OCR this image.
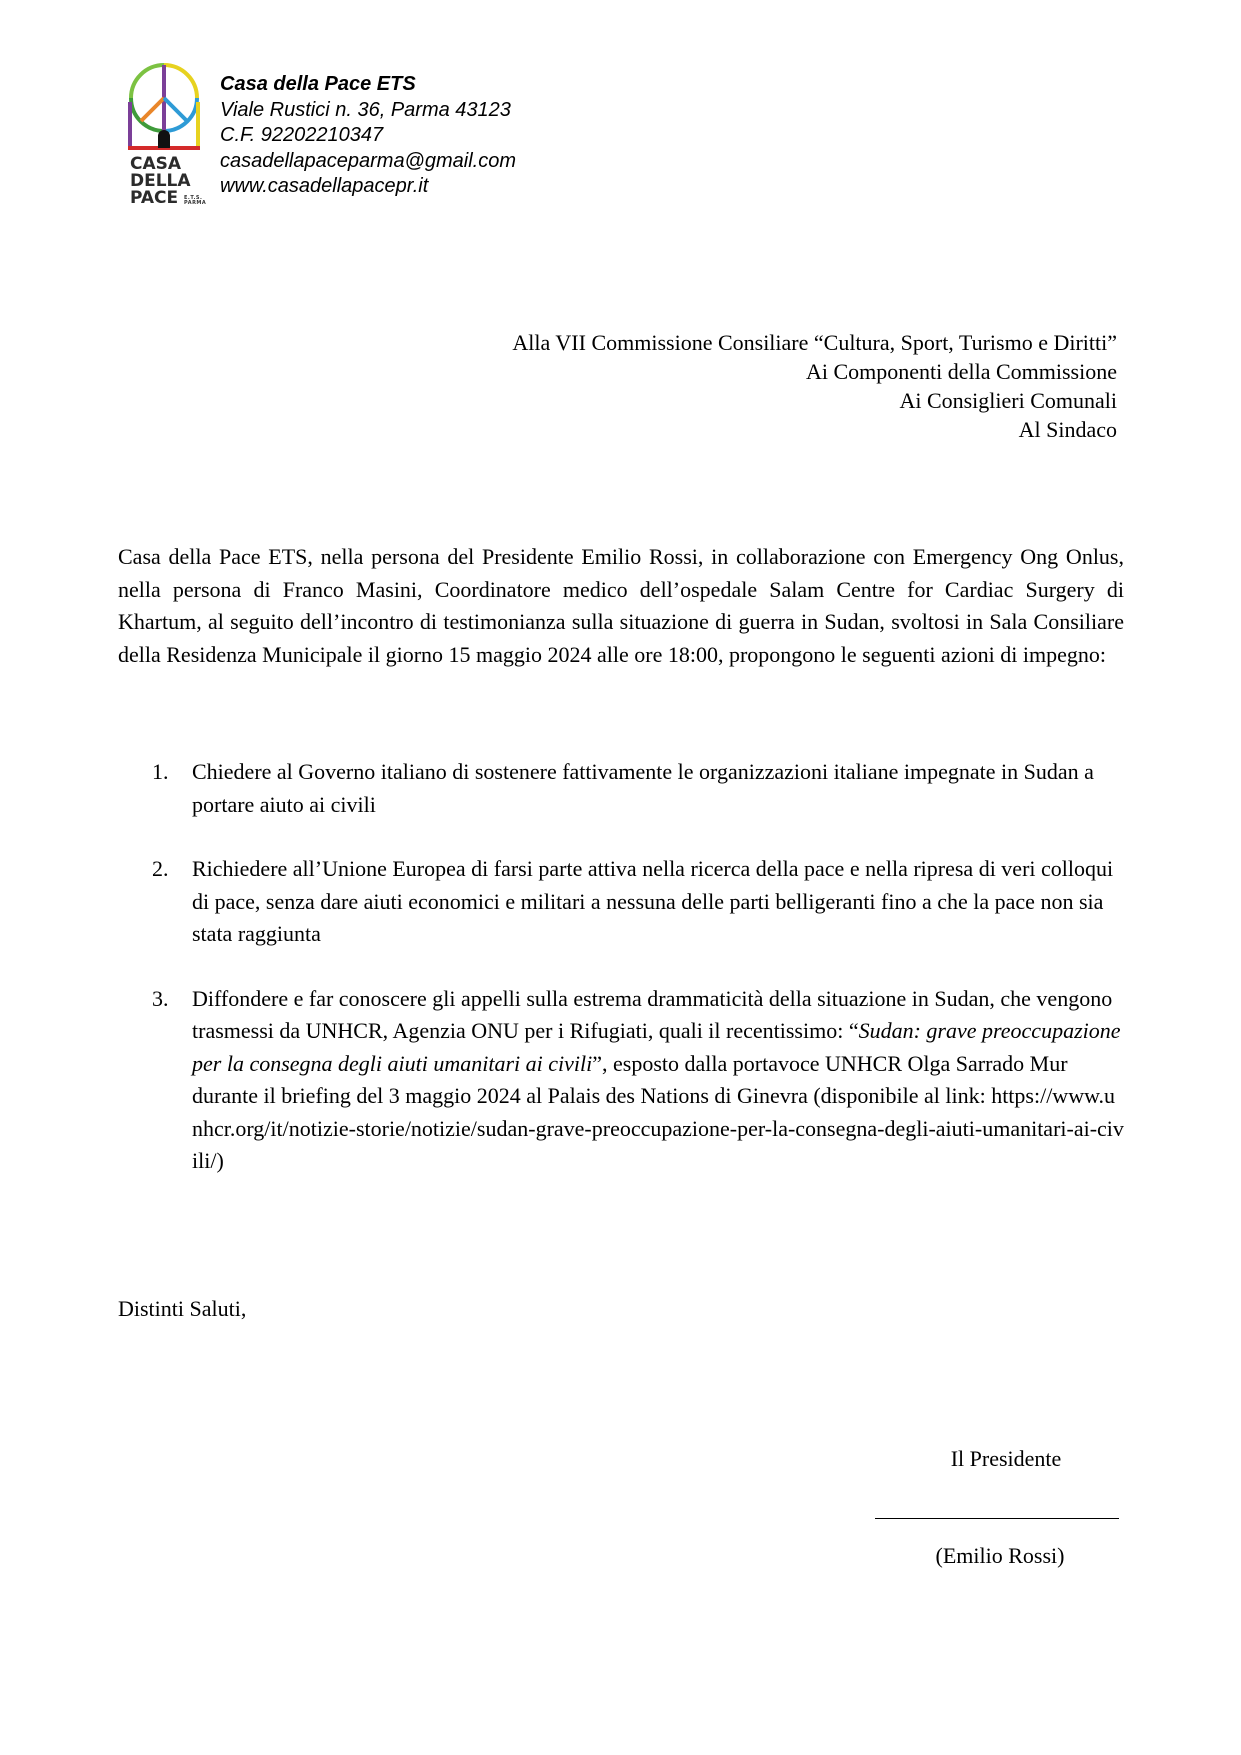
CASA
DELLA
PACE	E.T.S. PARMA
Casa della Pace ETS
Viale Rustici n. 36, Parma 43123
C.F. 92202210347
casadellapaceparma@gmail.com
www.casadellapacepr.it
Alla VII Commissione Consiliare “Cultura, Sport, Turismo e Diritti”
Ai Componenti della Commissione
Ai Consiglieri Comunali
Al Sindaco

Casa della Pace ETS, nella persona del Presidente Emilio Rossi, in collaborazione con Emergency Ong Onlus, nella persona di Franco Masini, Coordinatore medico dell’ospedale Salam Centre for Cardiac Surgery di Khartum, al seguito dell’incontro di testimonianza sulla situazione di guerra in Sudan, svoltosi in Sala Consiliare della Residenza Municipale il giorno 15 maggio 2024 alle ore 18:00, propongono le seguenti azioni di impegno:

1. Chiedere al Governo italiano di sostenere fattivamente le organizzazioni italiane impegnate in Sudan a portare aiuto ai civili
2. Richiedere all’Unione Europea di farsi parte attiva nella ricerca della pace e nella ripresa di veri colloqui di pace, senza dare aiuti economici e militari a nessuna delle parti belligeranti fino a che la pace non sia stata raggiunta
3. Diffondere e far conoscere gli appelli sulla estrema drammaticità della situazione in Sudan, che vengono trasmessi da UNHCR, Agenzia ONU per i Rifugiati, quali il recentissimo: “Sudan: grave preoccupazione per la consegna degli aiuti umanitari ai civili”, esposto dalla portavoce UNHCR Olga Sarrado Mur durante il briefing del 3 maggio 2024 al Palais des Nations di Ginevra (disponibile al link: https://www.unhcr.org/it/notizie-storie/notizie/sudan-grave-preoccupazione-per-la-consegna-degli-aiuti-umanitari-ai-civili/)
Distinti Saluti,
Il Presidente
(Emilio Rossi)
